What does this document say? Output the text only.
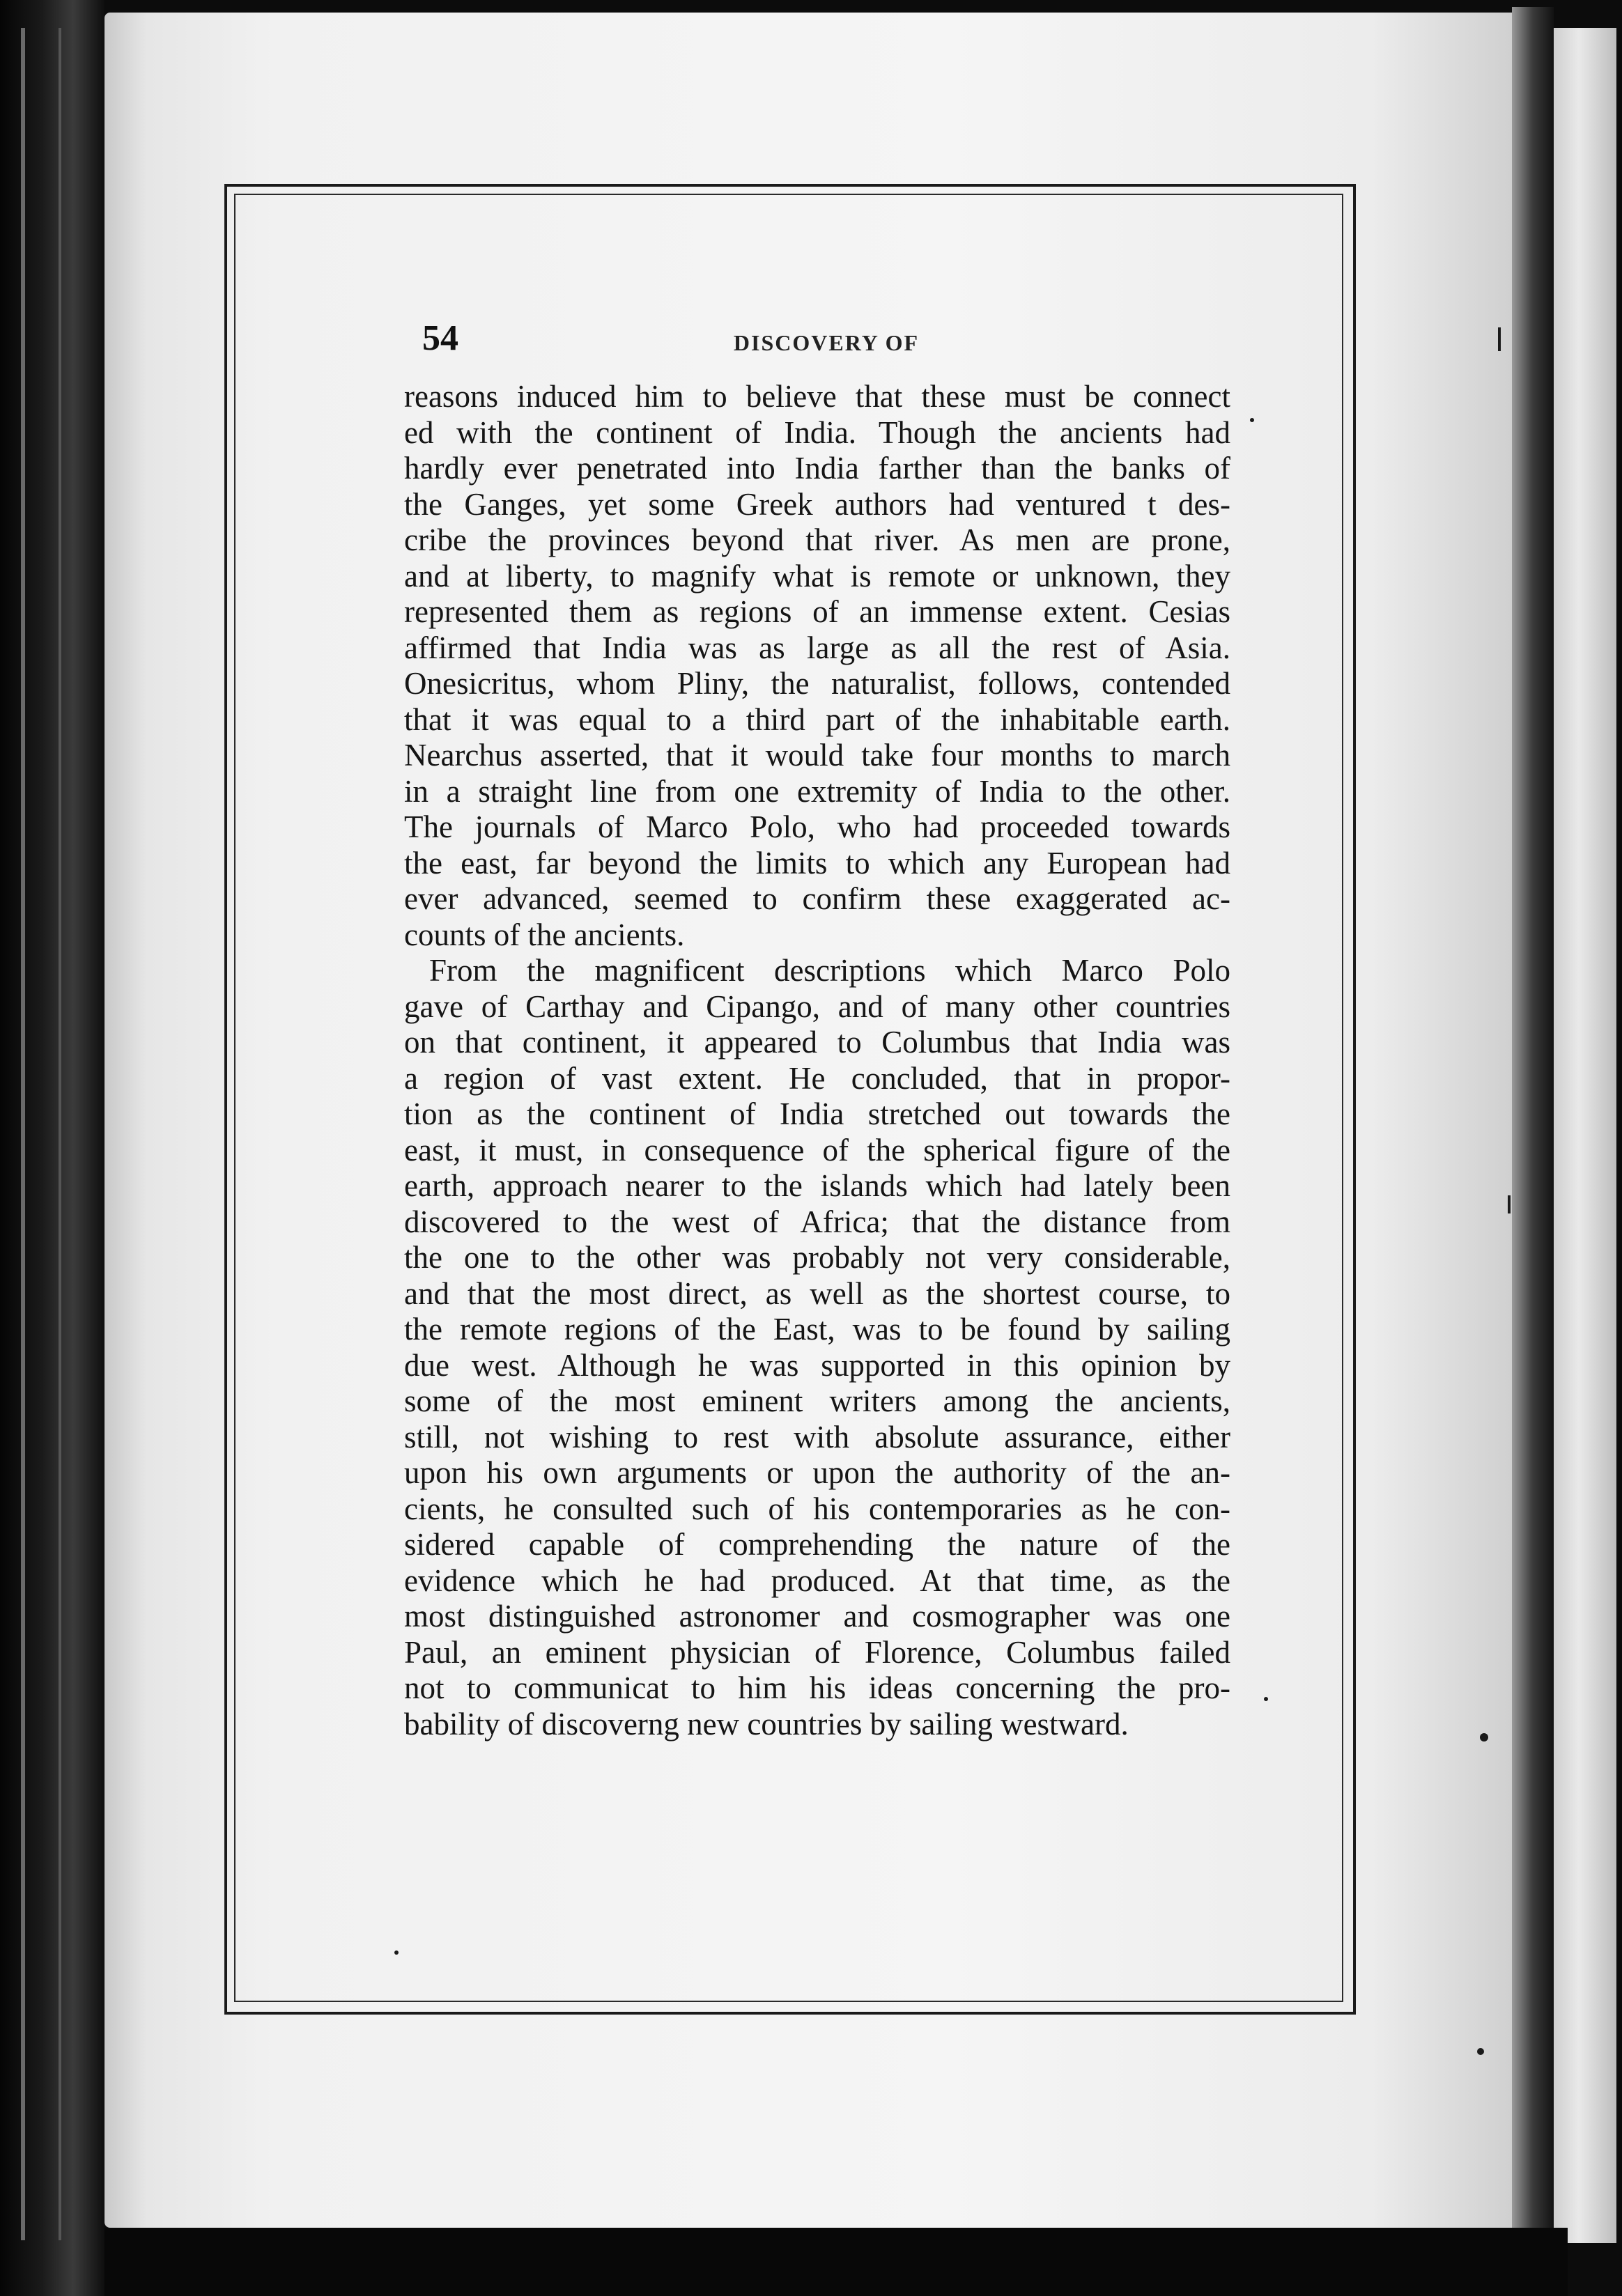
54	DISCOVERY OF
reasons induced him to believe that these must be connect
ed with the continent of India. Though the ancients had
hardly ever penetrated into India farther than the banks of
the Ganges, yet some Greek authors had ventured t des-
cribe the provinces beyond that river. As men are prone,
and at liberty, to magnify what is remote or unknown, they
represented them as regions of an immense extent. Cesias
affirmed that India was as large as all the rest of Asia.
Onesicritus, whom Pliny, the naturalist, follows, contended
that it was equal to a third part of the inhabitable earth.
Nearchus asserted, that it would take four months to march
in a straight line from one extremity of India to the other.
The journals of Marco Polo, who had proceeded towards
the east, far beyond the limits to which any European had
ever advanced, seemed to confirm these exaggerated ac-
counts of the ancients.
From the magnificent descriptions which Marco Polo
gave of Carthay and Cipango, and of many other countries
on that continent, it appeared to Columbus that India was
a region of vast extent. He concluded, that in propor-
tion as the continent of India stretched out towards the
east, it must, in consequence of the spherical figure of the
earth, approach nearer to the islands which had lately been
discovered to the west of Africa; that the distance from
the one to the other was probably not very considerable,
and that the most direct, as well as the shortest course, to
the remote regions of the East, was to be found by sailing
due west. Although he was supported in this opinion by
some of the most eminent writers among the ancients,
still, not wishing to rest with absolute assurance, either
upon his own arguments or upon the authority of the an-
cients, he consulted such of his contemporaries as he con-
sidered capable of comprehending the nature of the
evidence which he had produced. At that time, as the
most distinguished astronomer and cosmographer was one
Paul, an eminent physician of Florence, Columbus failed
not to communicat to him his ideas concerning the pro-
bability of discoverng new countries by sailing westward.
